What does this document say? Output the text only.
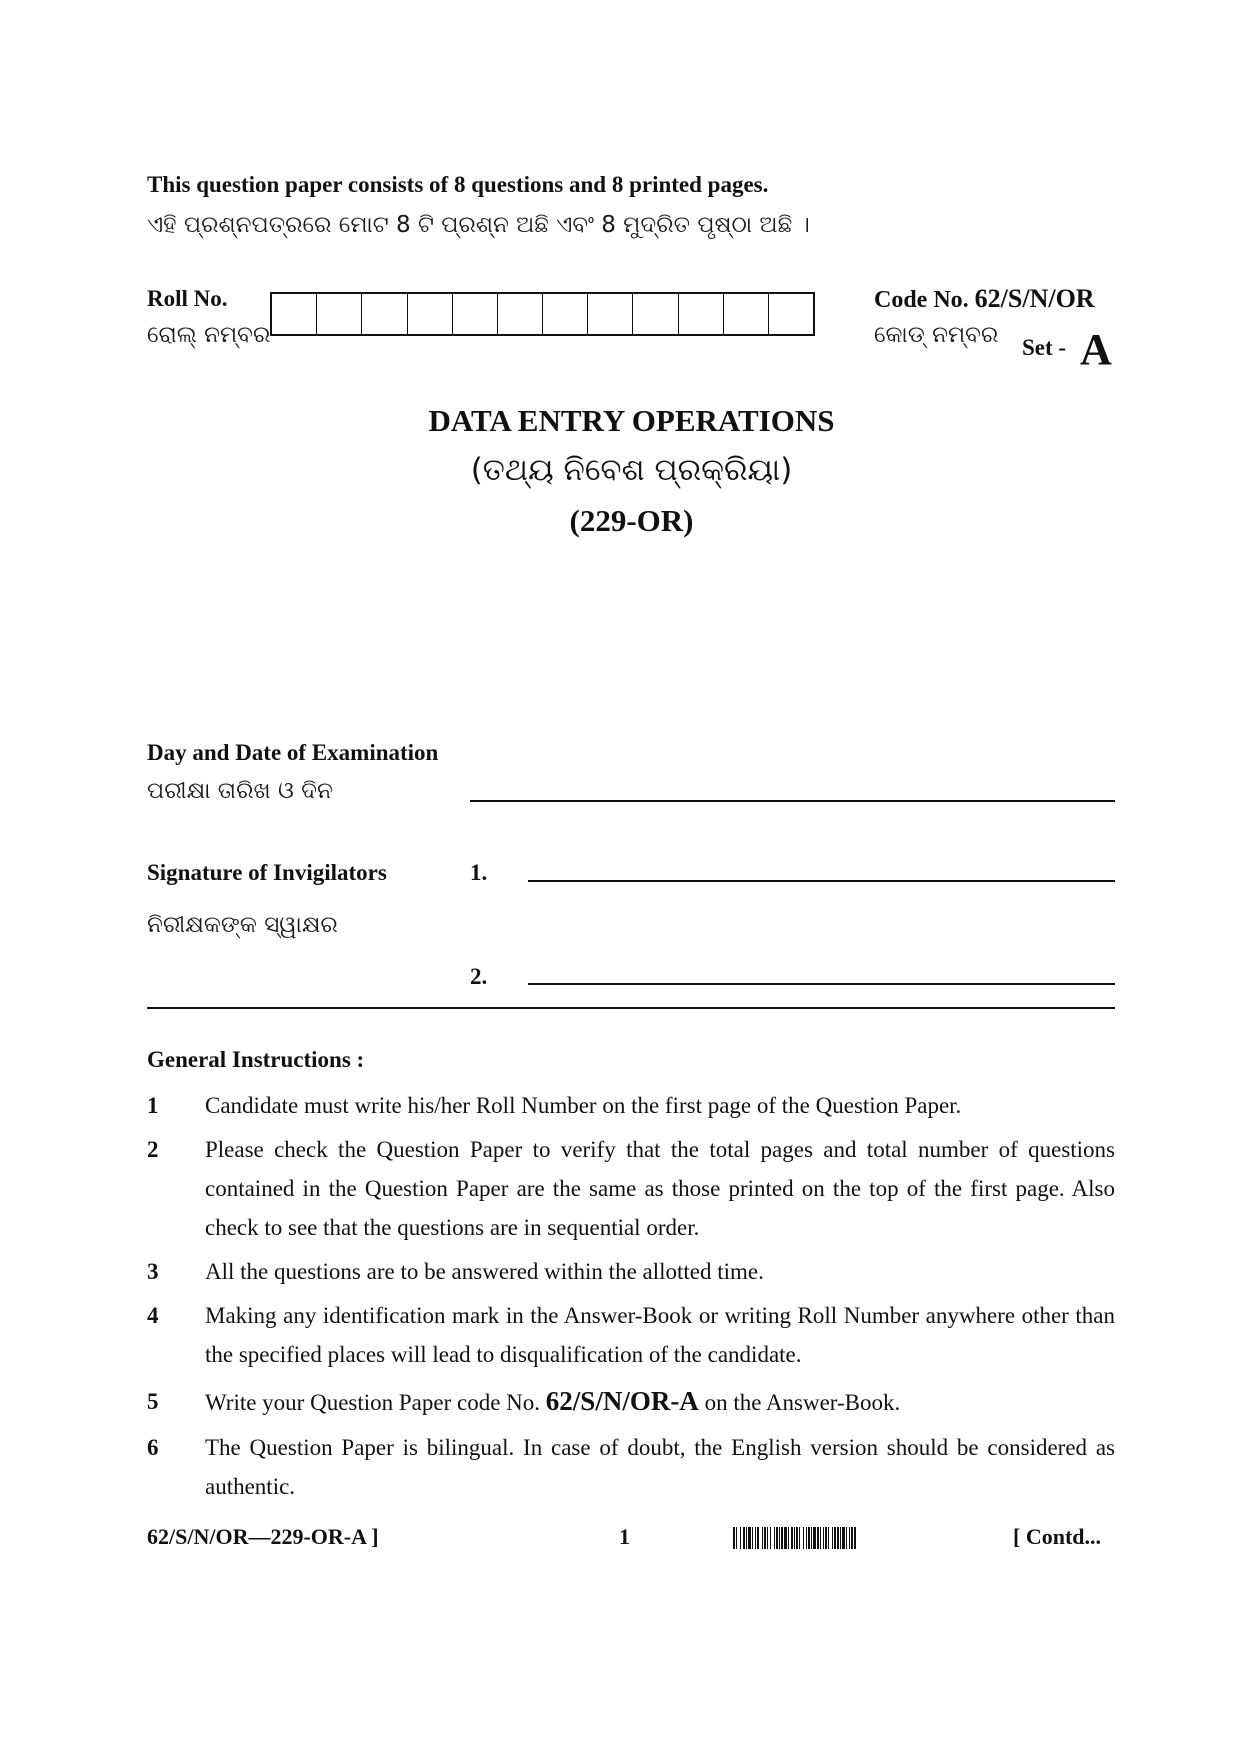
This question paper consists of 8 questions and 8 printed pages.
ଏହି ପ୍ରଶ୍ନପତ୍ରରେ ମୋଟ 8 ଟି ପ୍ରଶ୍ନ ଅଛି ଏବଂ 8 ମୁଦ୍ରିତ ପୃଷ୍ଠା ଅଛି ।
Roll No.
ରୋଲ୍ ନମ୍ବର
Code No. 62/S/N/OR
କୋଡ୍ ନମ୍ବର Set - A
DATA ENTRY OPERATIONS
(ତଥ୍ୟ ନିବେଶ ପ୍ରକ୍ରିୟା)
(229-OR)
Day and Date of Examination
ପରୀକ୍ଷା ତାରିଖ ଓ ଦିନ
Signature of Invigilators	1.
ନିରୀକ୍ଷକଙ୍କ ସ୍ୱାକ୍ଷର
2.
General Instructions :
1 Candidate must write his/her Roll Number on the first page of the Question Paper.
2 Please check the Question Paper to verify that the total pages and total number of questions contained in the Question Paper are the same as those printed on the top of the first page. Also check to see that the questions are in sequential order.
3 All the questions are to be answered within the allotted time.
4 Making any identification mark in the Answer-Book or writing Roll Number anywhere other than the specified places will lead to disqualification of the candidate.
5 Write your Question Paper code No. 62/S/N/OR-A on the Answer-Book.
6 The Question Paper is bilingual. In case of doubt, the English version should be considered as authentic.
62/S/N/OR—229-OR-A ]	1	[ Contd...
